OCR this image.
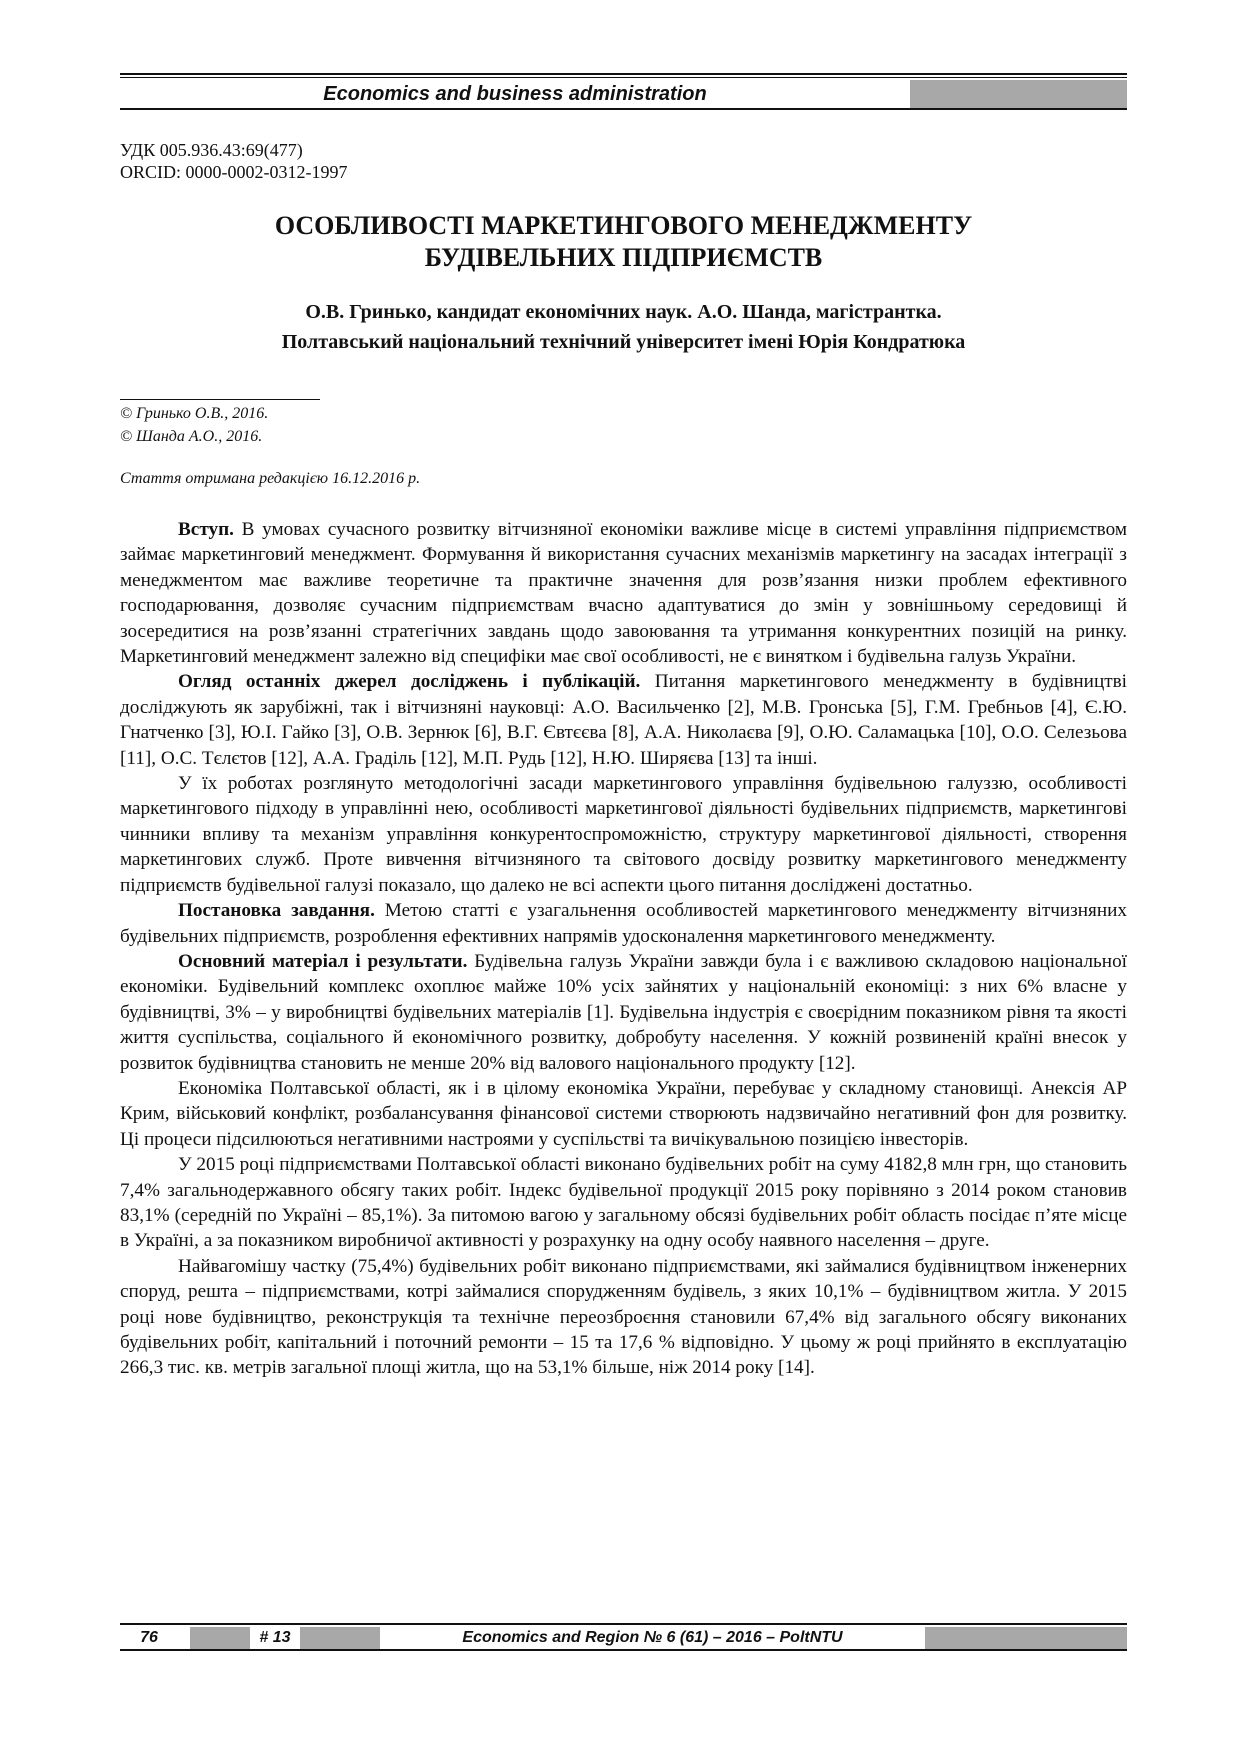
Economics and business administration
УДК 005.936.43:69(477)
ORCID: 0000-0002-0312-1997
ОСОБЛИВОСТІ МАРКЕТИНГОВОГО МЕНЕДЖМЕНТУ
БУДІВЕЛЬНИХ ПІДПРИЄМСТВ
О.В. Гринько, кандидат економічних наук. А.О. Шанда, магістрантка.
Полтавський національний технічний університет імені Юрія Кондратюка
© Гринько О.В., 2016.
© Шанда А.О., 2016.
Стаття отримана редакцією 16.12.2016 р.

Вступ. В умовах сучасного розвитку вітчизняної економіки важливе місце в системі управління підприємством займає маркетинговий менеджмент. Формування й використання сучасних механізмів маркетингу на засадах інтеграції з менеджментом має важливе теоретичне та практичне значення для розв’язання низки проблем ефективного господарювання, дозволяє сучасним підприємствам вчасно адаптуватися до змін у зовнішньому середовищі й зосередитися на розв’язанні стратегічних завдань щодо завоювання та утримання конкурентних позицій на ринку. Маркетинговий менеджмент залежно від специфіки має свої особливості, не є винятком і будівельна галузь України.

Огляд останніх джерел досліджень і публікацій. Питання маркетингового менеджменту в будівництві досліджують як зарубіжні, так і вітчизняні науковці: А.О. Васильченко [2], М.В. Гронська [5], Г.М. Гребньов [4], Є.Ю. Гнатченко [3], Ю.І. Гайко [3], О.В. Зернюк [6], В.Г. Євтєєва [8], А.А. Николаєва [9], О.Ю. Саламацька [10], О.О. Селезьова [11], О.С. Тєлєтов [12], А.А. Граділь [12], М.П. Рудь [12], Н.Ю. Ширяєва [13] та інші.

У їх роботах розглянуто методологічні засади маркетингового управління будівельною галуззю, особливості маркетингового підходу в управлінні нею, особливості маркетингової діяльності будівельних підприємств, маркетингові чинники впливу та механізм управління конкурентоспроможністю, структуру маркетингової діяльності, створення маркетингових служб. Проте вивчення вітчизняного та світового досвіду розвитку маркетингового менеджменту підприємств будівельної галузі показало, що далеко не всі аспекти цього питання досліджені достатньо.

Постановка завдання. Метою статті є узагальнення особливостей маркетингового менеджменту вітчизняних будівельних підприємств, розроблення ефективних напрямів удосконалення маркетингового менеджменту.

Основний матеріал і результати. Будівельна галузь України завжди була і є важливою складовою національної економіки. Будівельний комплекс охоплює майже 10% усіх зайнятих у національній економіці: з них 6% власне у будівництві, 3% – у виробництві будівельних матеріалів [1]. Будівельна індустрія є своєрідним показником рівня та якості життя суспільства, соціального й економічного розвитку, добробуту населення. У кожній розвиненій країні внесок у розвиток будівництва становить не менше 20% від валового національного продукту [12].

Економіка Полтавської області, як і в цілому економіка України, перебуває у складному становищі. Анексія АР Крим, військовий конфлікт, розбалансування фінансової системи створюють надзвичайно негативний фон для розвитку. Ці процеси підсилюються негативними настроями у суспільстві та вичікувальною позицією інвесторів.

У 2015 році підприємствами Полтавської області виконано будівельних робіт на суму 4182,8 млн грн, що становить 7,4% загальнодержавного обсягу таких робіт. Індекс будівельної продукції 2015 року порівняно з 2014 роком становив 83,1% (середній по Україні – 85,1%). За питомою вагою у загальному обсязі будівельних робіт область посідає п’яте місце в Україні, а за показником виробничої активності у розрахунку на одну особу наявного населення – друге.

Найвагомішу частку (75,4%) будівельних робіт виконано підприємствами, які займалися будівництвом інженерних споруд, решта – підприємствами, котрі займалися спорудженням будівель, з яких 10,1% – будівництвом житла. У 2015 році нове будівництво, реконструкція та технічне переозброєння становили 67,4% від загального обсягу виконаних будівельних робіт, капітальний і поточний ремонти – 15 та 17,6 % відповідно. У цьому ж році прийнято в експлуатацію 266,3 тис. кв. метрів загальної площі житла, що на 53,1% більше, ніж 2014 року [14].

76	# 13	Economics and Region № 6 (61) – 2016 – PoltNTU
